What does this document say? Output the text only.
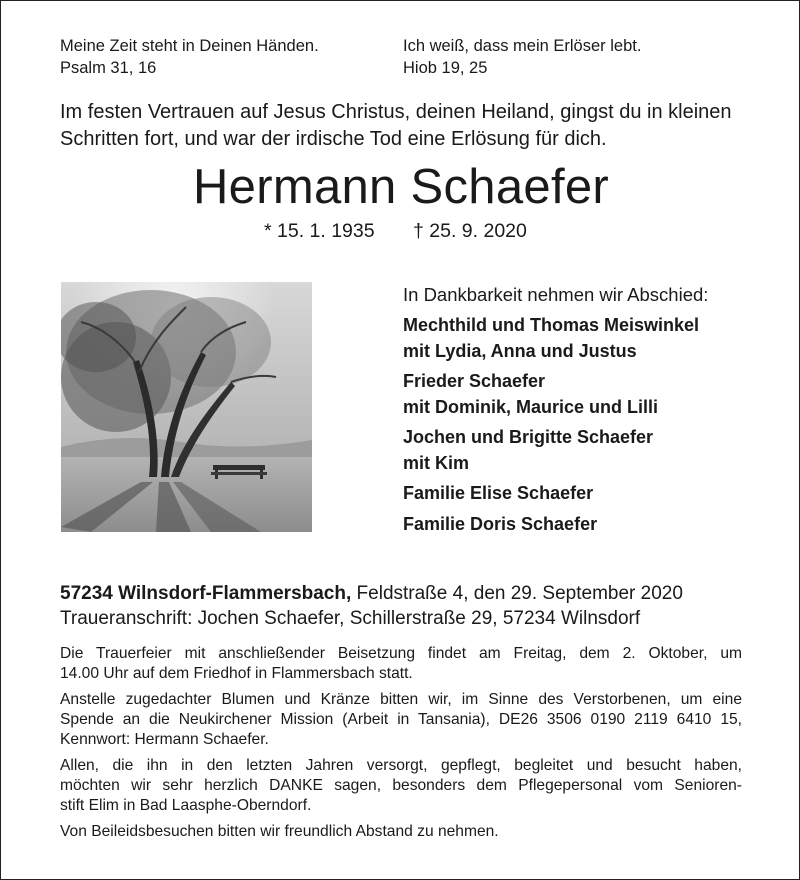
Meine Zeit steht in Deinen Händen.
Psalm 31, 16
Ich weiß, dass mein Erlöser lebt.
Hiob 19, 25
Im festen Vertrauen auf Jesus Christus, deinen Heiland, gingst du in kleinen
Schritten fort, und war der irdische Tod eine Erlösung für dich.
Hermann Schaefer
* 15. 1. 1935 † 25. 9. 2020
In Dankbarkeit nehmen wir Abschied:
Mechthild und Thomas Meiswinkel
mit Lydia, Anna und Justus
Frieder Schaefer
mit Dominik, Maurice und Lilli
Jochen und Brigitte Schaefer
mit Kim
Familie Elise Schaefer
Familie Doris Schaefer
57234 Wilnsdorf-Flammersbach, Feldstraße 4, den 29. September 2020
Traueranschrift: Jochen Schaefer, Schillerstraße 29, 57234 Wilnsdorf

Die Trauerfeier mit anschließender Beisetzung findet am Freitag, dem 2. Oktober, um
14.00 Uhr auf dem Friedhof in Flammersbach statt.

Anstelle zugedachter Blumen und Kränze bitten wir, im Sinne des Verstorbenen, um eine
Spende an die Neukirchener Mission (Arbeit in Tansania), DE26 3506 0190 2119 6410 15,
Kennwort: Hermann Schaefer.

Allen, die ihn in den letzten Jahren versorgt, gepflegt, begleitet und besucht haben,
möchten wir sehr herzlich DANKE sagen, besonders dem Pflegepersonal vom Senioren-
stift Elim in Bad Laasphe-Oberndorf.

Von Beileidsbesuchen bitten wir freundlich Abstand zu nehmen.
